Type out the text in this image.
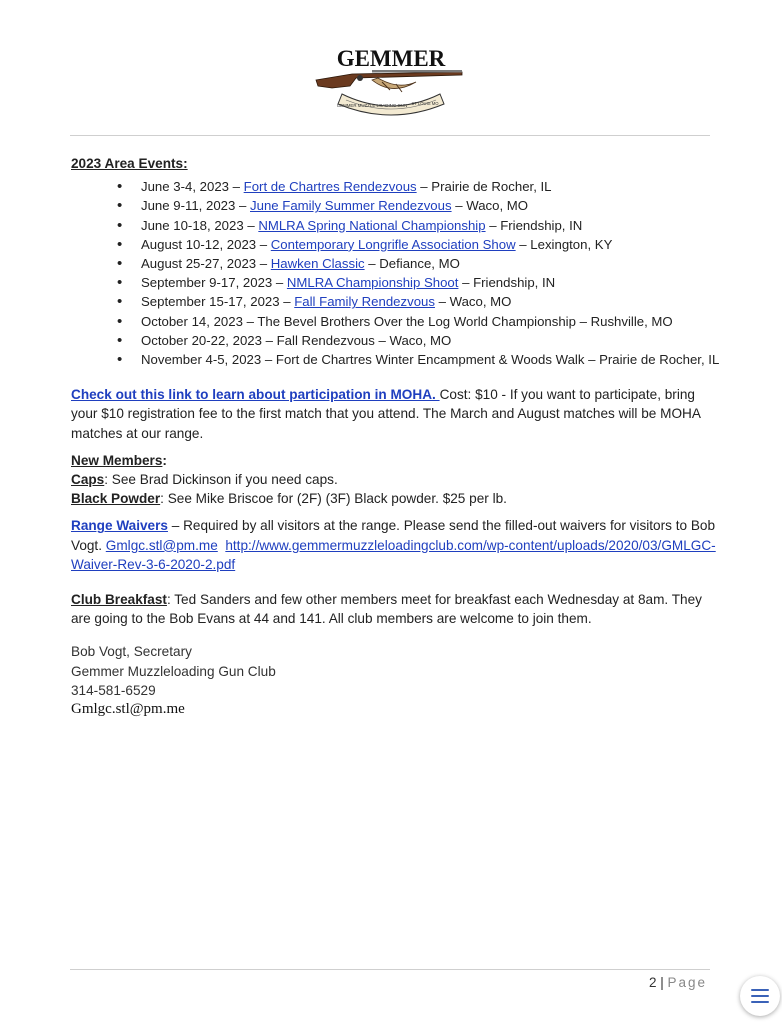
GEMMER
GEMMER MUZZLE LOADING GUN ST LOUIS MO

2023 Area Events:

• June 3-4, 2023 – Fort de Chartres Rendezvous – Prairie de Rocher, IL
• June 9-11, 2023 – June Family Summer Rendezvous – Waco, MO
• June 10-18, 2023 – NMLRA Spring National Championship – Friendship, IN
• August 10-12, 2023 – Contemporary Longrifle Association Show – Lexington, KY
• August 25-27, 2023 – Hawken Classic – Defiance, MO
• September 9-17, 2023 – NMLRA Championship Shoot – Friendship, IN
• September 15-17, 2023 – Fall Family Rendezvous – Waco, MO
• October 14, 2023 – The Bevel Brothers Over the Log World Championship – Rushville, MO
• October 20-22, 2023 – Fall Rendezvous – Waco, MO
• November 4-5, 2023 – Fort de Chartres Winter Encampment & Woods Walk – Prairie de Rocher, IL

Check out this link to learn about participation in MOHA. Cost: $10 - If you want to participate, bring your $10 registration fee to the first match that you attend. The March and August matches will be MOHA matches at our range.

New Members:

Caps: See Brad Dickinson if you need caps.

Black Powder: See Mike Briscoe for (2F) (3F) Black powder. $25 per lb.

Range Waivers – Required by all visitors at the range. Please send the filled-out waivers for visitors to Bob Vogt. Gmlgc.stl@pm.me http://www.gemmermuzzleloadingclub.com/wp-content/uploads/2020/03/GMLGC-Waiver-Rev-3-6-2020-2.pdf

Club Breakfast: Ted Sanders and few other members meet for breakfast each Wednesday at 8am. They are going to the Bob Evans at 44 and 141. All club members are welcome to join them.

Bob Vogt, Secretary

Gemmer Muzzleloading Gun Club

314-581-6529

Gmlgc.stl@pm.me

2 | Page
